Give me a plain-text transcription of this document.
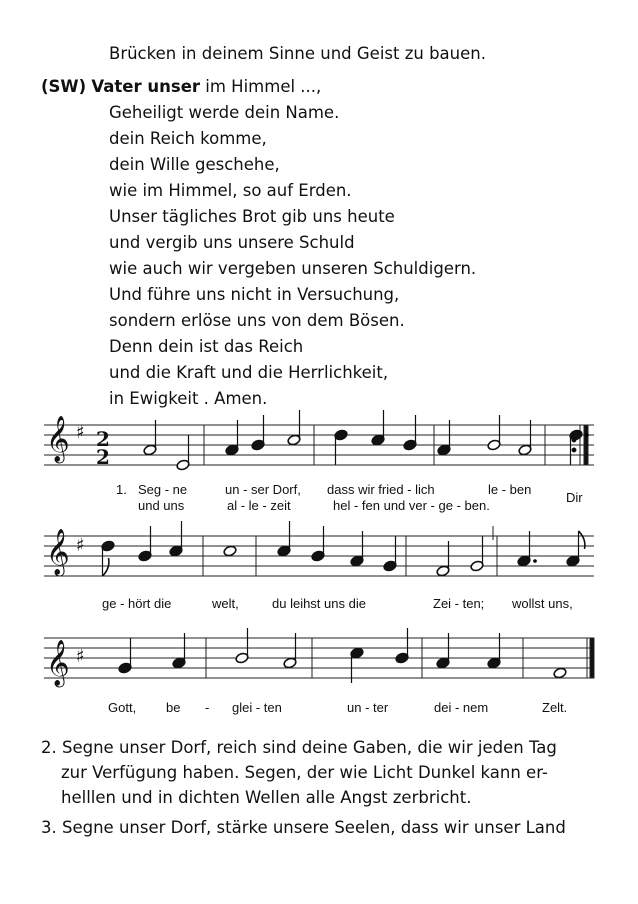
Brücken in deinem Sinne und Geist zu bauen.
(SW) Vater unser im Himmel ...,
Geheiligt werde dein Name.
dein Reich komme,
dein Wille geschehe,
wie im Himmel, so auf Erden.
Unser tägliches Brot gib uns heute
und vergib uns unsere Schuld
wie auch wir vergeben unseren Schuldigern.
Und führe uns nicht in Versuchung,
sondern erlöse uns von dem Bösen.
Denn dein ist das Reich
und die Kraft und die Herrlichkeit,
in Ewigkeit . Amen.
𝄞 ♯ 2
2
1. Seg - ne	un - ser Dorf, dass wir fried - lich	le - ben
und uns	al - le - zeit	hel - fen und ver - ge - ben.
Dir
𝄞 ♯
ge - hört die	welt,	du leihst uns die	Zei - ten; wollst uns,
𝄞 ♯
Gott, be - glei - ten	un - ter	dei - nem	Zelt.
2. Segne unser Dorf, reich sind deine Gaben, die wir jeden Tag
zur Verfügung haben. Segen, der wie Licht Dunkel kann er-
helllen und in dichten Wellen alle Angst zerbricht.
3. Segne unser Dorf, stärke unsere Seelen, dass wir unser Land
